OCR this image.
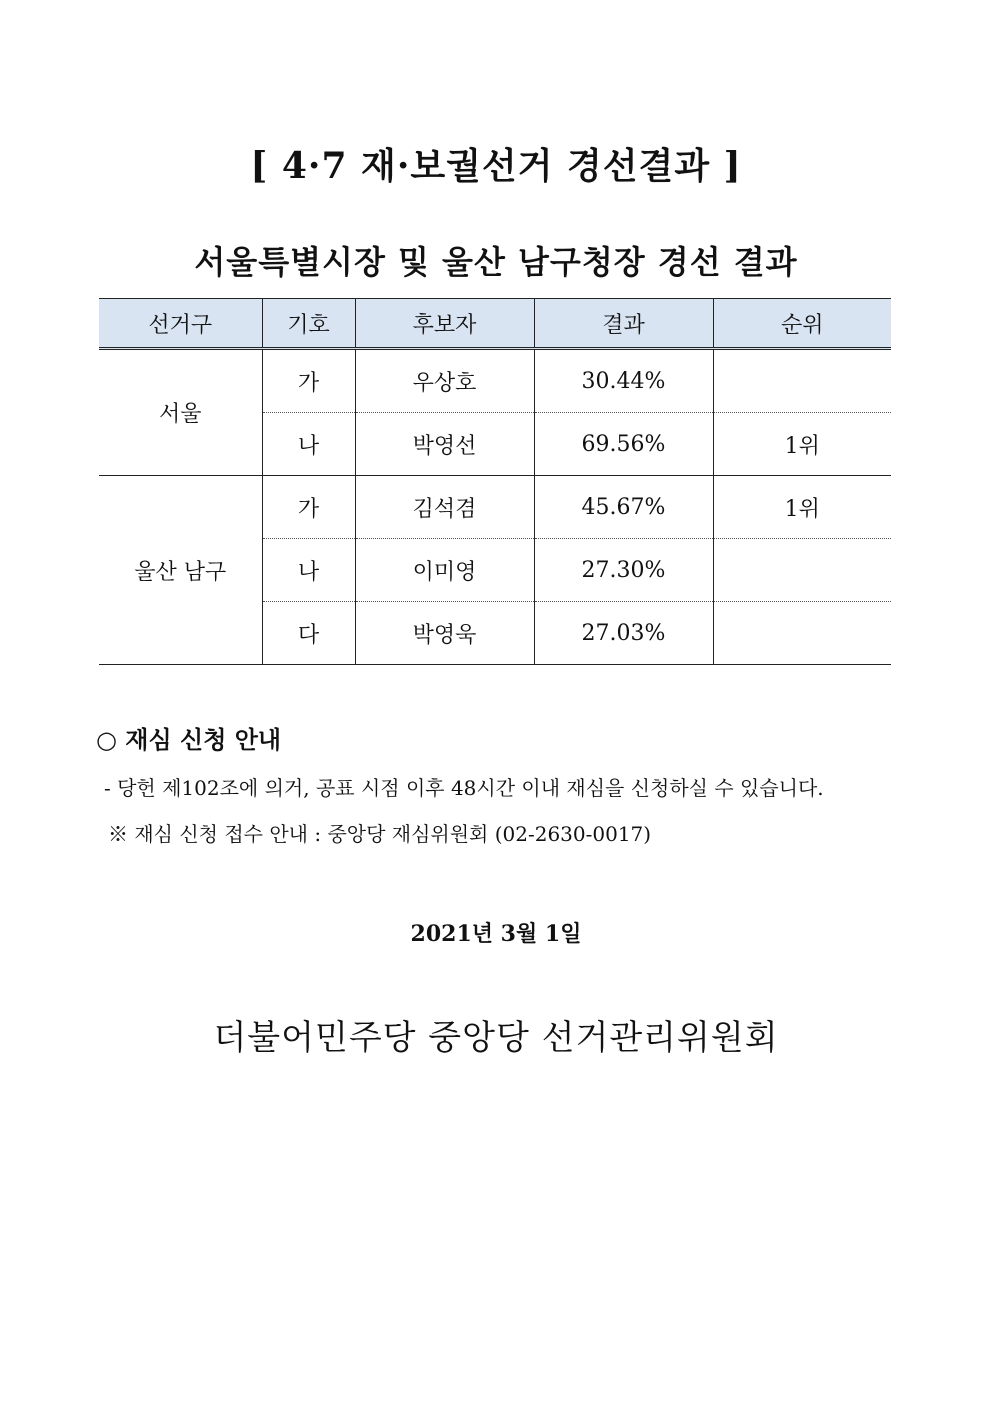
[ 4·7 재·보궐선거 경선결과 ]
서울특별시장 및 울산 남구청장 경선 결과
선거구	기호	후보자	결과	순위
서울	가	우상호	30.44%	
	나	박영선	69.56%	1위
울산 남구	가	김석겸	45.67%	1위
	나	이미영	27.30%	
	다	박영욱	27.03%	
○ 재심 신청 안내
- 당헌 제102조에 의거, 공표 시점 이후 48시간 이내 재심을 신청하실 수 있습니다.
※ 재심 신청 접수 안내 : 중앙당 재심위원회 (02-2630-0017)
2021년 3월 1일
더불어민주당 중앙당 선거관리위원회
